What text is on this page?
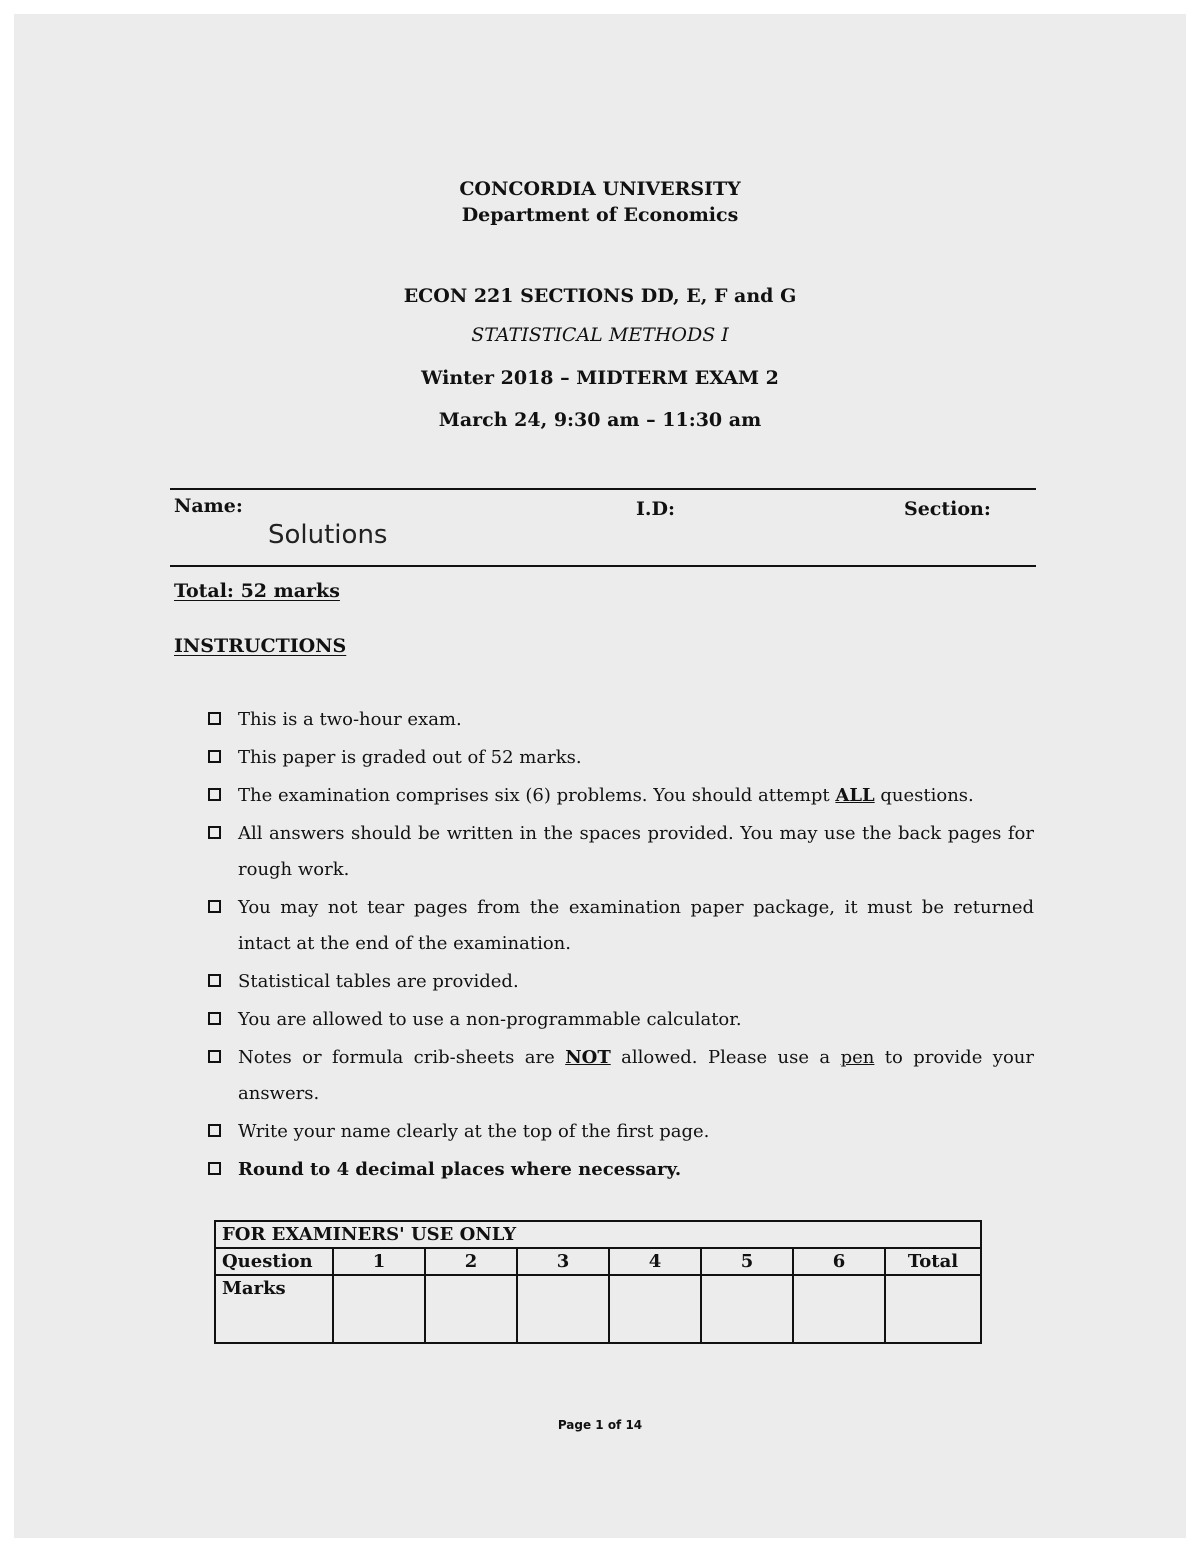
CONCORDIA UNIVERSITY
Department of Economics
ECON 221 SECTIONS DD, E, F and G
STATISTICAL METHODS I
Winter 2018 – MIDTERM EXAM 2
March 24, 9:30 am – 11:30 am
Name:	I.D:	Section:
Solutions
Total: 52 marks
INSTRUCTIONS
This is a two-hour exam.
This paper is graded out of 52 marks.
The examination comprises six (6) problems. You should attempt ALL questions.
All answers should be written in the spaces provided. You may use the back pages for rough work.
You may not tear pages from the examination paper package, it must be returned intact at the end of the examination.
Statistical tables are provided.
You are allowed to use a non-programmable calculator.
Notes or formula crib-sheets are NOT allowed. Please use a pen to provide your answers.
Write your name clearly at the top of the first page.
Round to 4 decimal places where necessary.
FOR EXAMINERS' USE ONLY							
Question	1	2	3	4	5	6	Total
Marks							
Page 1 of 14
